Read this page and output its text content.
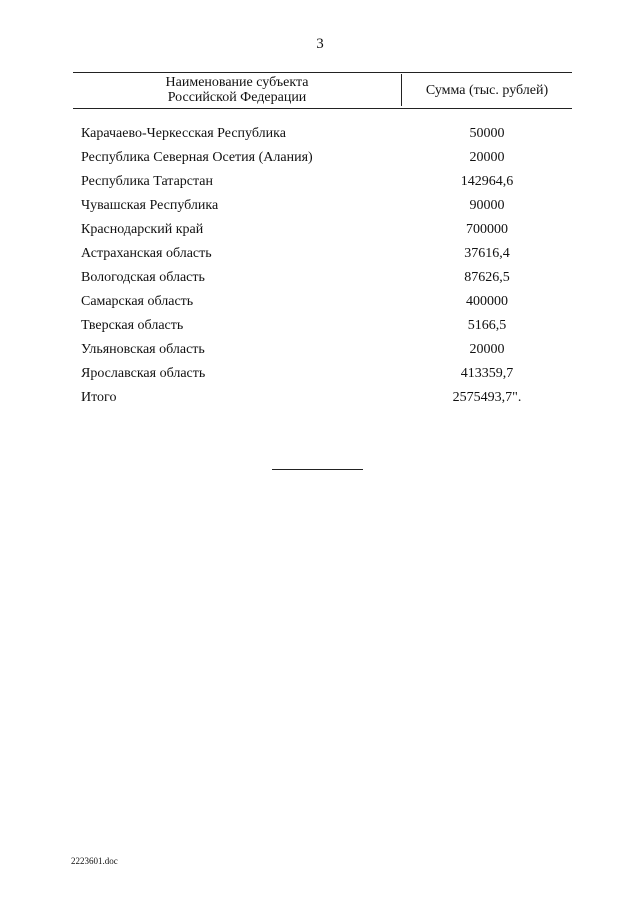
3
Наименование субъекта
Российской Федерации	Сумма (тыс. рублей)
Карачаево-Черкесская Республика	50000
Республика Северная Осетия (Алания)	20000
Республика Татарстан	142964,6
Чувашская Республика	90000
Краснодарский край	700000
Астраханская область	37616,4
Вологодская область	87626,5
Самарская область	400000
Тверская область	5166,5
Ульяновская область	20000
Ярославская область	413359,7
Итого	2575493,7".
2223601.doc
